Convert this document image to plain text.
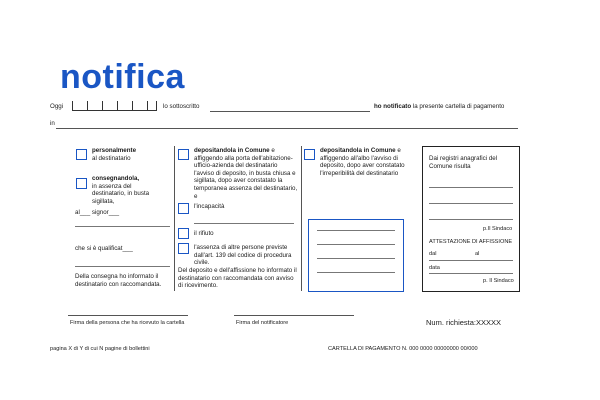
notifica
Oggi	lo sottoscritto	ho notificato la presente cartella di pagamento
in
personalmente
al destinatario
consegnandola,
in assenza del destinatario, in busta sigillata,
al___ signor___
che si è qualificat___
Della consegna ho informato il destinatario con raccomandata.
depositandola in Comune e affiggendo alla porta dell'abitazione-ufficio-azienda del destinatario l'avviso di deposito, in busta chiusa e sigillata, dopo aver constatato la temporanea assenza del destinatario, e
l'incapacità
il rifiuto
l'assenza di altre persone previste dall'art. 139 del codice di procedura civile.
Del deposito e dell'affissione ho informato il destinatario con raccomandata con avviso di ricevimento.
depositandola in Comune e affiggendo all'albo l'avviso di deposito, dopo aver constatato l'irreperibilità del destinatario
Dai registri anagrafici del Comune risulta
p.Il Sindaco
ATTESTAZIONE DI AFFISSIONE
dal	al
data
p. Il Sindaco
Firma della persona che ha ricevuto la cartella	Firma del notificatore	Num. richiesta:XXXXX
pagina X di Y di cui N pagine di bollettini	CARTELLA DI PAGAMENTO N. 000 0000 00000000 00/000
